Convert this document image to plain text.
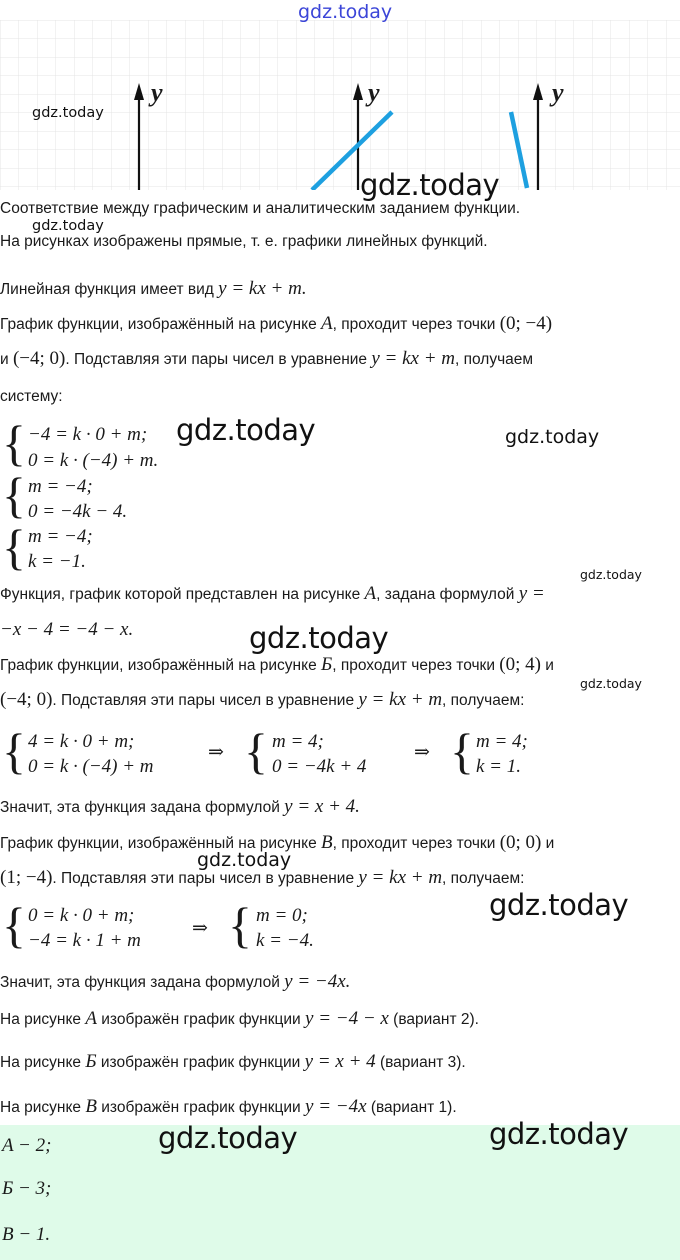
y	y	y
gdz.today
gdz.today
gdz.today
gdz.today
gdz.today	gdz.today
gdz.today
gdz.today
gdz.today
gdz.today
gdz.today
Соответствие между графическим и аналитическим заданием функции.
На рисунках изображены прямые, т. е. графики линейных функций.
Линейная функция имеет вид y = kx + m.
График функции, изображённый на рисунке A, проходит через точки (0; −4)
и (−4; 0). Подставляя эти пары чисел в уравнение y = kx + m, получаем
систему:
{
{
{
−4 = k · 0 + m;
0 = k · (−4) + m.
m = −4;
0 = −4k − 4.
m = −4;
k = −1.
Функция, график которой представлен на рисунке A, задана формулой y =
−x − 4 = −4 − x.
График функции, изображённый на рисунке Б, проходит через точки (0; 4) и
(−4; 0). Подставляя эти пары чисел в уравнение y = kx + m, получаем:
{ 4 = k · 0 + m;
0 = k · (−4) + m
⇒ { m = 4;
0 = −4k + 4
⇒ { m = 4;
k = 1.
Значит, эта функция задана формулой y = x + 4.
График функции, изображённый на рисунке B, проходит через точки (0; 0) и
(1; −4). Подставляя эти пары чисел в уравнение y = kx + m, получаем:
{ 0 = k · 0 + m;
−4 = k · 1 + m
⇒ { m = 0;
k = −4.
Значит, эта функция задана формулой y = −4x.
На рисунке A изображён график функции y = −4 − x (вариант 2).
На рисунке Б изображён график функции y = x + 4 (вариант 3).
На рисунке B изображён график функции y = −4x (вариант 1).
A − 2;
Б − 3;
B − 1.
gdz.today	gdz.today
